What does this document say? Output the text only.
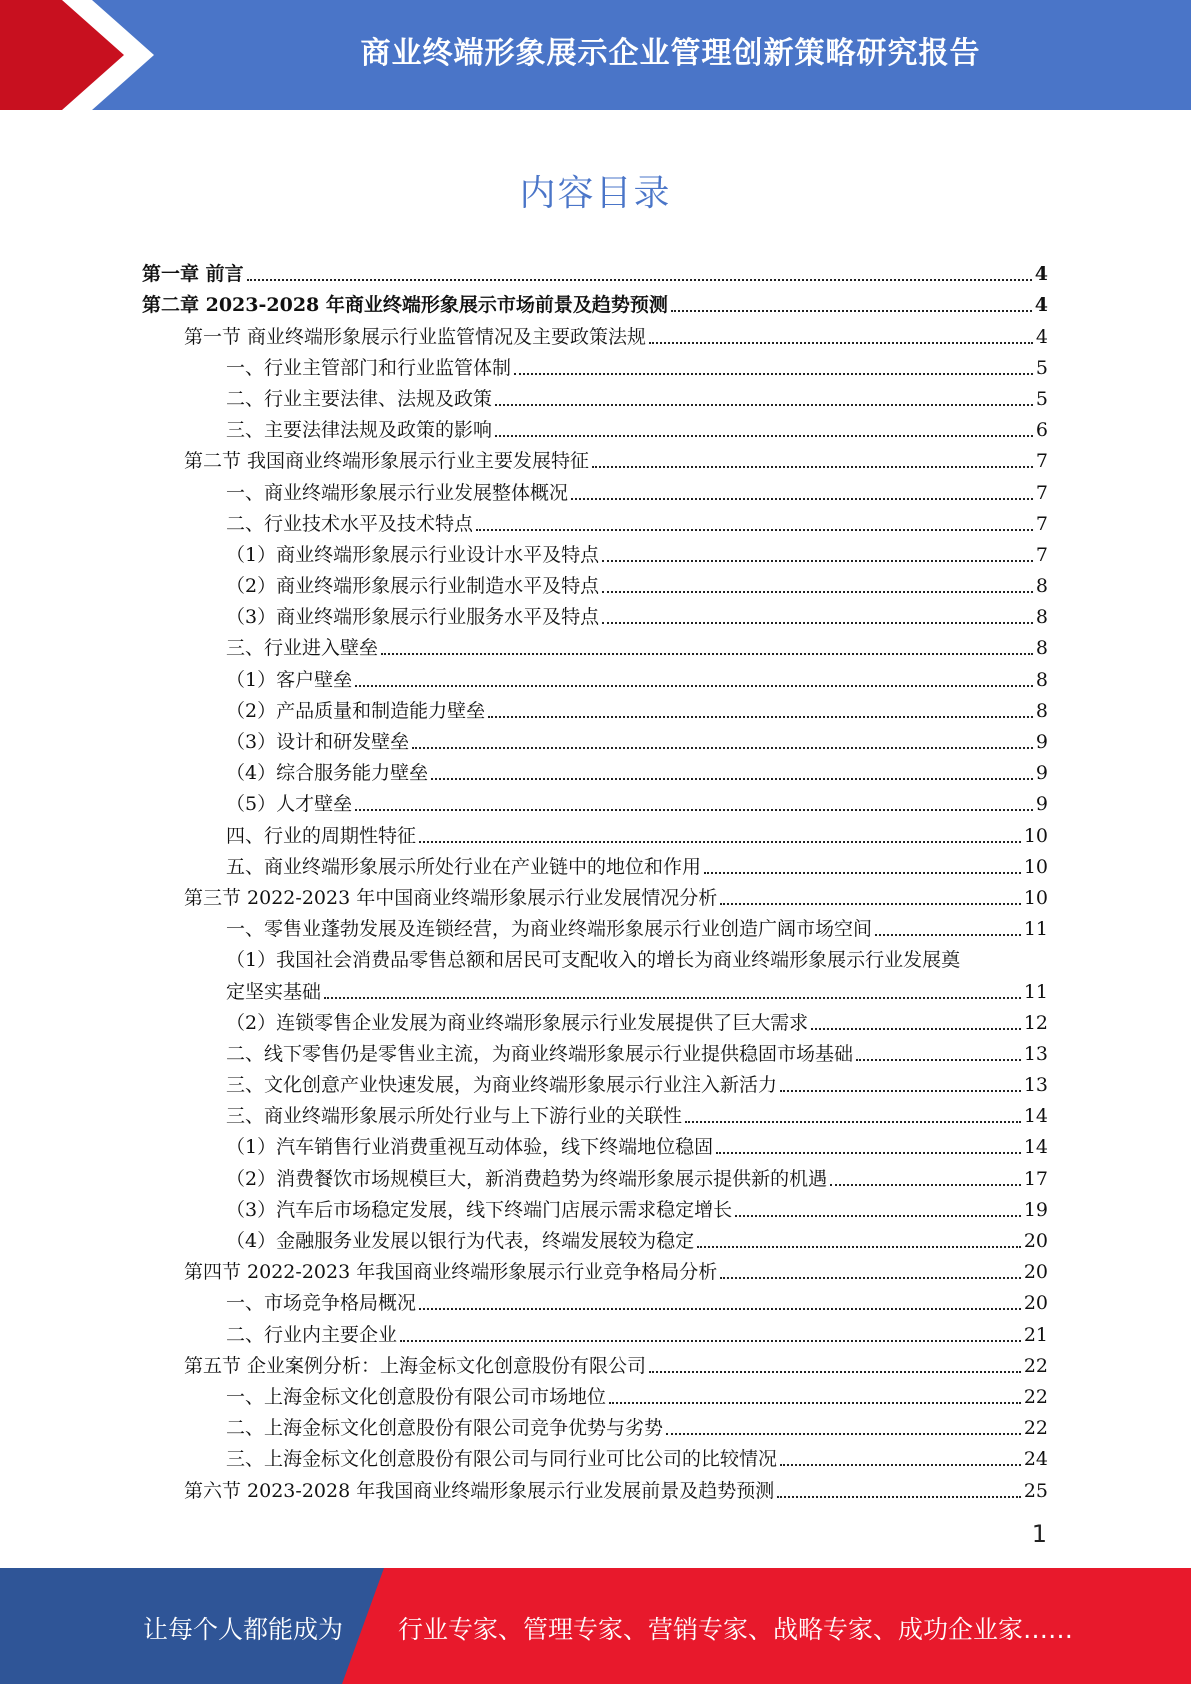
商业终端形象展示企业管理创新策略研究报告
内容目录
第一章 前言	4
第二章 2023-2028 年商业终端形象展示市场前景及趋势预测	4
第一节 商业终端形象展示行业监管情况及主要政策法规	4
一、行业主管部门和行业监管体制	5
二、行业主要法律、法规及政策	5
三、主要法律法规及政策的影响	6
第二节 我国商业终端形象展示行业主要发展特征	7
一、商业终端形象展示行业发展整体概况	7
二、行业技术水平及技术特点	7
（1）商业终端形象展示行业设计水平及特点	7
（2）商业终端形象展示行业制造水平及特点	8
（3）商业终端形象展示行业服务水平及特点	8
三、行业进入壁垒	8
（1）客户壁垒	8
（2）产品质量和制造能力壁垒	8
（3）设计和研发壁垒	9
（4）综合服务能力壁垒	9
（5）人才壁垒	9
四、行业的周期性特征	10
五、商业终端形象展示所处行业在产业链中的地位和作用	10
第三节 2022-2023 年中国商业终端形象展示行业发展情况分析	10
一、零售业蓬勃发展及连锁经营，为商业终端形象展示行业创造广阔市场空间	11
（1）我国社会消费品零售总额和居民可支配收入的增长为商业终端形象展示行业发展奠
定坚实基础	11
（2）连锁零售企业发展为商业终端形象展示行业发展提供了巨大需求	12
二、线下零售仍是零售业主流，为商业终端形象展示行业提供稳固市场基础	13
三、文化创意产业快速发展，为商业终端形象展示行业注入新活力	13
三、商业终端形象展示所处行业与上下游行业的关联性	14
（1）汽车销售行业消费重视互动体验，线下终端地位稳固	14
（2）消费餐饮市场规模巨大，新消费趋势为终端形象展示提供新的机遇	17
（3）汽车后市场稳定发展，线下终端门店展示需求稳定增长	19
（4）金融服务业发展以银行为代表，终端发展较为稳定	20
第四节 2022-2023 年我国商业终端形象展示行业竞争格局分析	20
一、市场竞争格局概况	20
二、行业内主要企业	21
第五节 企业案例分析：上海金标文化创意股份有限公司	22
一、上海金标文化创意股份有限公司市场地位	22
二、上海金标文化创意股份有限公司竞争优势与劣势	22
三、上海金标文化创意股份有限公司与同行业可比公司的比较情况	24
第六节 2023-2028 年我国商业终端形象展示行业发展前景及趋势预测	25
1
让每个人都能成为 行业专家、管理专家、营销专家、战略专家、成功企业家……
